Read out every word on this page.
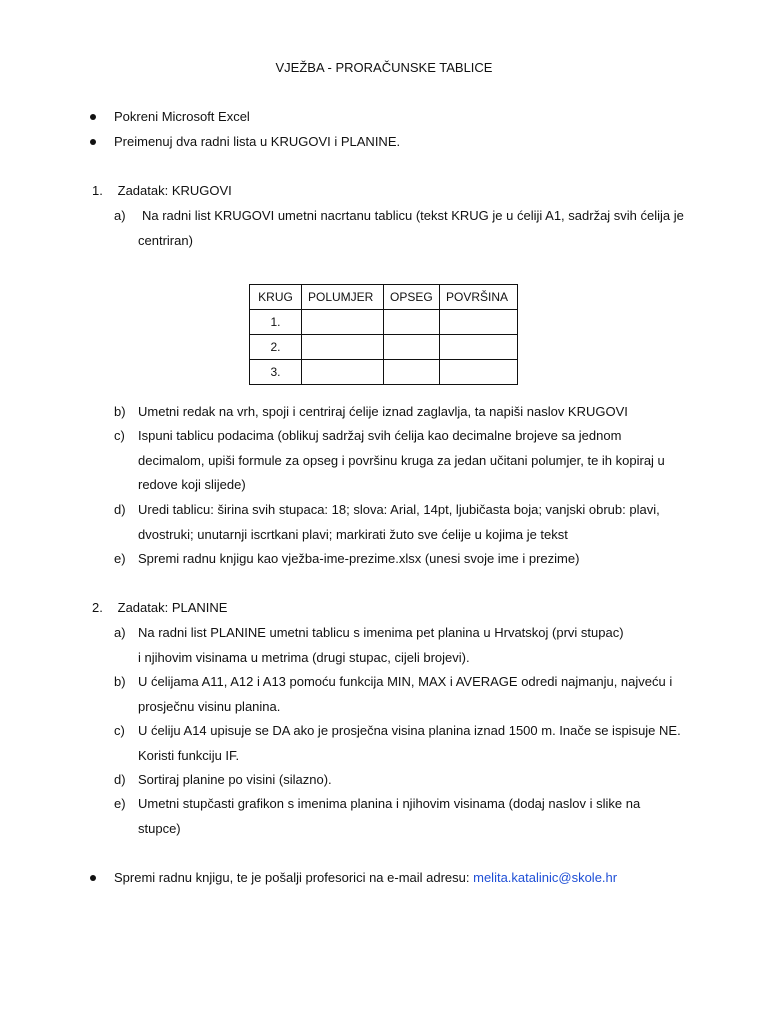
VJEŽBA - PRORAČUNSKE TABLICE
Pokreni Microsoft Excel
Preimenuj dva radni lista u KRUGOVI i PLANINE.
1. Zadatak: KRUGOVI
a) Na radni list KRUGOVI umetni nacrtanu tablicu (tekst KRUG je u ćeliji A1, sadržaj svih ćelija je
centriran)
KRUG	POLUMJER	OPSEG	POVRŠINA
1.			
2.			
3.			
b) Umetni redak na vrh, spoji i centriraj ćelije iznad zaglavlja, ta napiši naslov KRUGOVI
c) Ispuni tablicu podacima (oblikuj sadržaj svih ćelija kao decimalne brojeve sa jednom
decimalom, upiši formule za opseg i površinu kruga za jedan učitani polumjer, te ih kopiraj u
redove koji slijede)
d) Uredi tablicu: širina svih stupaca: 18; slova: Arial, 14pt, ljubičasta boja; vanjski obrub: plavi,
dvostruki; unutarnji iscrtkani plavi; markirati žuto sve ćelije u kojima je tekst
e) Spremi radnu knjigu kao vježba-ime-prezime.xlsx (unesi svoje ime i prezime)
2. Zadatak: PLANINE
a) Na radni list PLANINE umetni tablicu s imenima pet planina u Hrvatskoj (prvi stupac)
i njihovim visinama u metrima (drugi stupac, cijeli brojevi).
b) U ćelijama A11, A12 i A13 pomoću funkcija MIN, MAX i AVERAGE odredi najmanju, najveću i
prosječnu visinu planina.
c) U ćeliju A14 upisuje se DA ako je prosječna visina planina iznad 1500 m. Inače se ispisuje NE.
Koristi funkciju IF.
d) Sortiraj planine po visini (silazno).
e) Umetni stupčasti grafikon s imenima planina i njihovim visinama (dodaj naslov i slike na
stupce)
Spremi radnu knjigu, te je pošalji profesorici na e-mail adresu: melita.katalinic@skole.hr
